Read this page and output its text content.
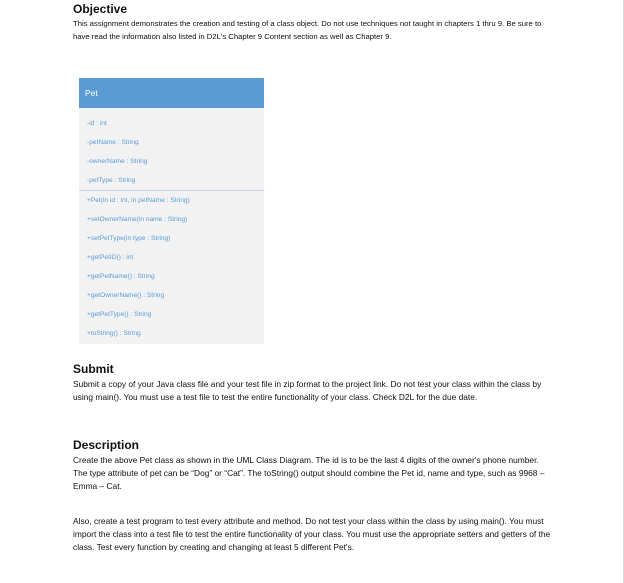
Objective

This assignment demonstrates the creation and testing of a class object. Do not use techniques not taught in chapters 1 thru 9. Be sure to have read the information also listed in D2L's Chapter 9 Content section as well as Chapter 9.

Pet
-id : int
-petName : String
-ownerName : String
-petType : String
+Pet(in id : int, in petName : String)
+setOwnerName(in name : String)
+setPetType(in type : String)
+getPetID() : int
+getPetName() : String
+getOwnerName() : String
+getPetType() : String
+toString() : String
Submit

Submit a copy of your Java class file and your test file in zip format to the project link. Do not test your class within the class by using main(). You must use a test file to test the entire functionality of your class. Check D2L for the due date.

Description

Create the above Pet class as shown in the UML Class Diagram. The id is to be the last 4 digits of the owner's phone number. The type attribute of pet can be “Dog” or “Cat”. The toString() output should combine the Pet id, name and type, such as 9968 – Emma – Cat.

Also, create a test program to test every attribute and method. Do not test your class within the class by using main(). You must import the class into a test file to test the entire functionality of your class. You must use the appropriate setters and getters of the class. Test every function by creating and changing at least 5 different Pet's.
